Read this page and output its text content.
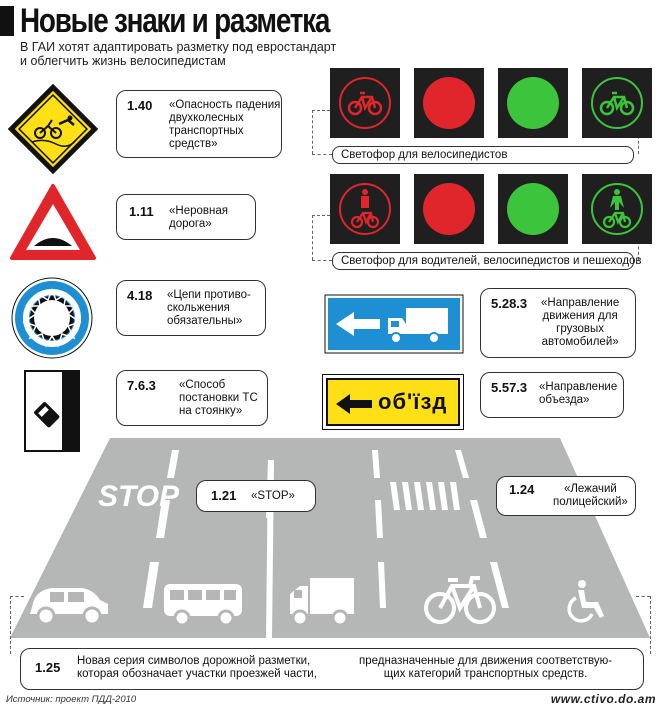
Новые знаки и разметка
В ГАИ хотят адаптировать разметку под евростандарт
и облегчить жизнь велосипедистам
1.40 «Опасность падения
двухколесных
транспортных
средств»
1.11 «Неровная
дорога»
4.18 «Цепи противо-
скольжения
обязательны»
7.6.3 «Способ
постановки ТС
на стоянку»
Светофор для велосипедистов
Светофор для водителей, велосипедистов и пешеходов
5.28.3 «Направление
движения для
грузовых
автомобилей»
об'їзд
5.57.3 «Направление
объезда»
STOP 1.21 «STOP»	1.24	«Лежачий
полицейский»
1.25 Новая серия символов дорожной разметки,
которая обозначает участки проезжей части,
предназначенные для движения соответствую-
щих категорий транспортных средств.
Источник: проект ПДД-2010	www.ctivo.do.am
